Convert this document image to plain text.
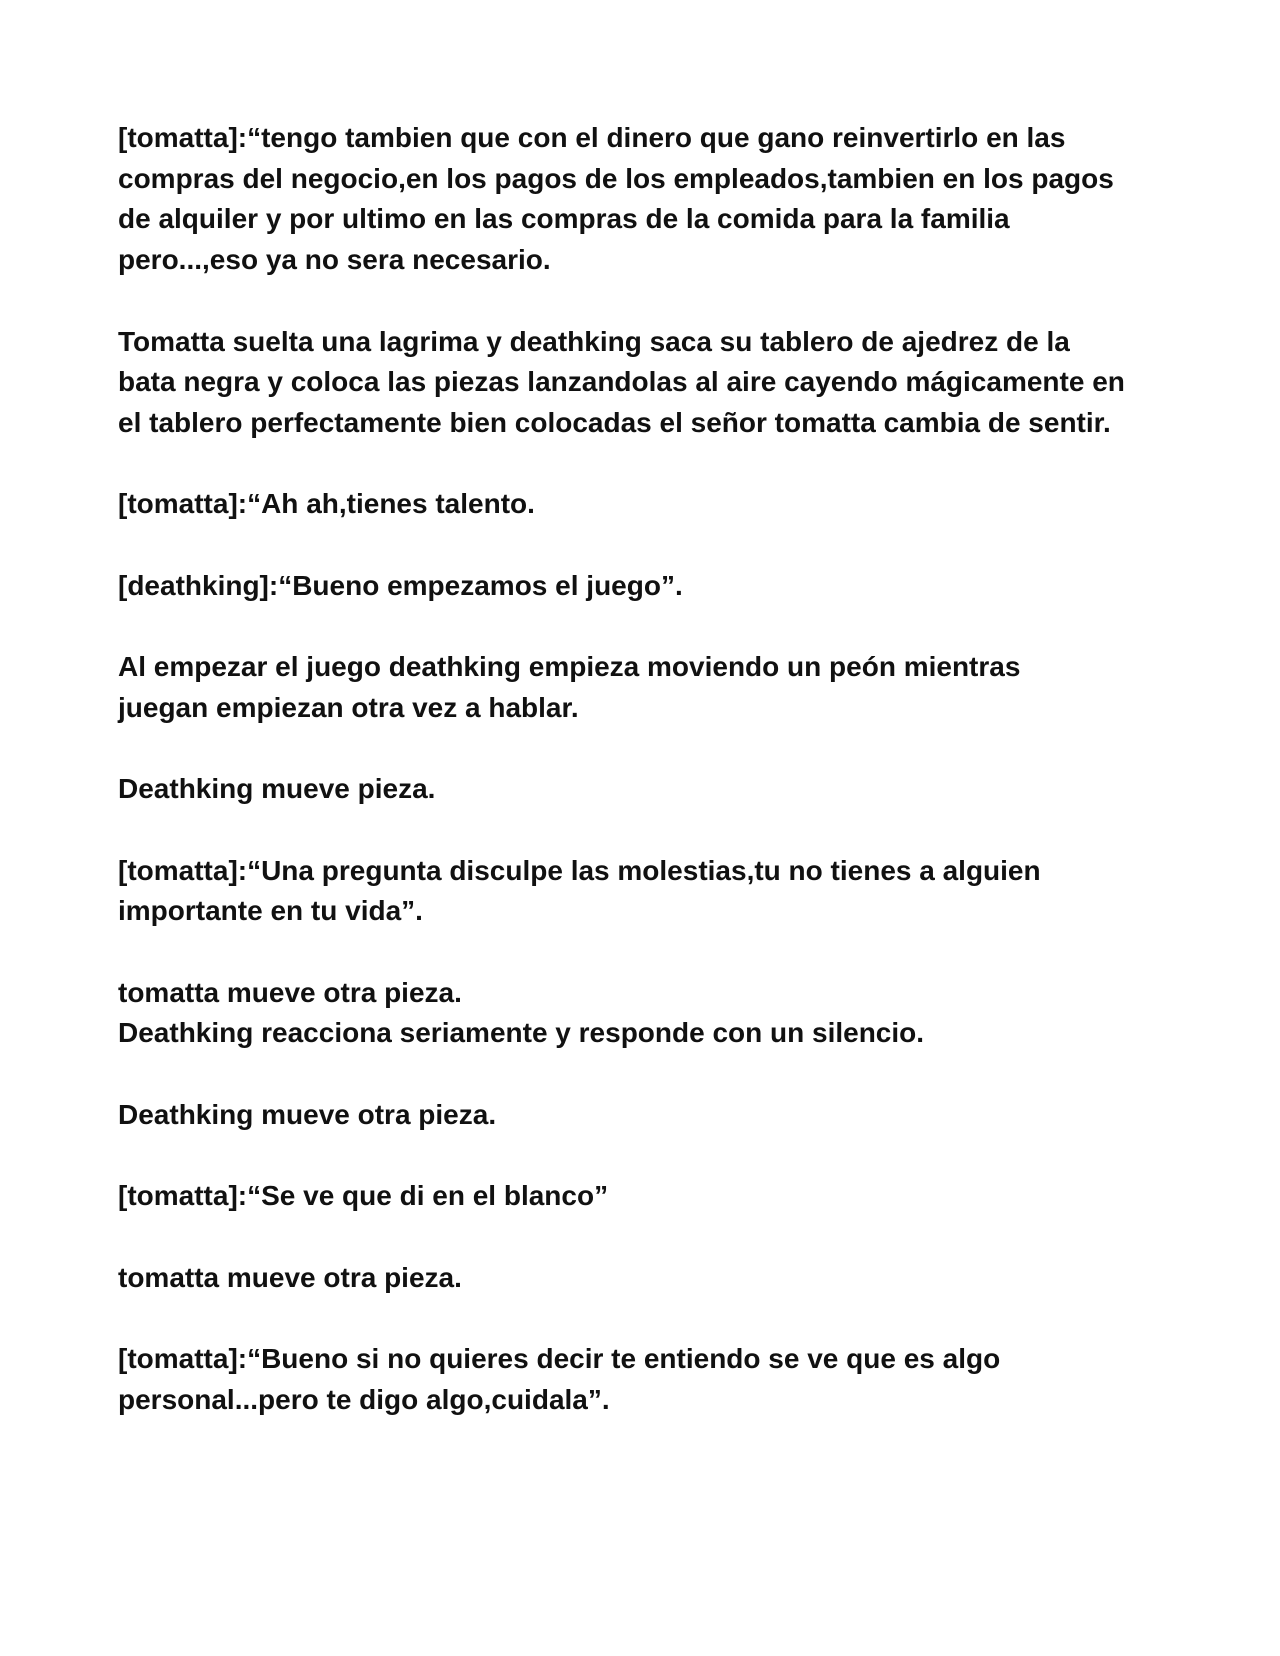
[tomatta]:“tengo tambien que con el dinero que gano reinvertirlo en las
compras del negocio,en los pagos de los empleados,tambien en los pagos
de alquiler y por ultimo en las compras de la comida para la familia
pero...,eso ya no sera necesario.

Tomatta suelta una lagrima y deathking saca su tablero de ajedrez de la
bata negra y coloca las piezas lanzandolas al aire cayendo mágicamente en
el tablero perfectamente bien colocadas el señor tomatta cambia de sentir.

[tomatta]:“Ah ah,tienes talento.

[deathking]:“Bueno empezamos el juego”.

Al empezar el juego deathking empieza moviendo un peón mientras
juegan empiezan otra vez a hablar.

Deathking mueve pieza.

[tomatta]:“Una pregunta disculpe las molestias,tu no tienes a alguien
importante en tu vida”.

tomatta mueve otra pieza.
Deathking reacciona seriamente y responde con un silencio.

Deathking mueve otra pieza.

[tomatta]:“Se ve que di en el blanco”

tomatta mueve otra pieza.

[tomatta]:“Bueno si no quieres decir te entiendo se ve que es algo
personal...pero te digo algo,cuidala”.
